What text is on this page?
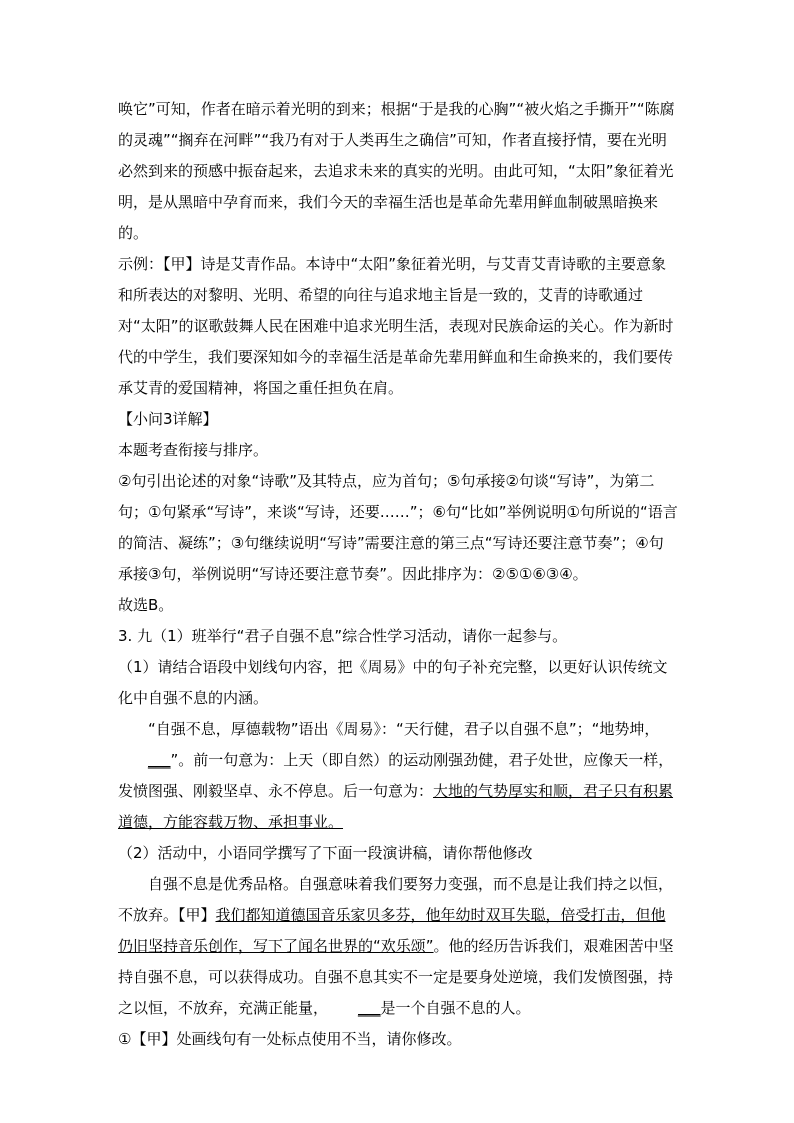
唤它”可知，作者在暗示着光明的到来；根据“于是我的心胸”“被火焰之手撕开”“陈腐的灵魂”“搁弃在河畔”“我乃有对于人类再生之确信”可知，作者直接抒情，要在光明必然到来的预感中振奋起来，去追求未来的真实的光明。由此可知，“太阳”象征着光明，是从黑暗中孕育而来，我们今天的幸福生活也是革命先辈用鲜血制破黑暗换来的。

示例：【甲】诗是艾青作品。本诗中“太阳”象征着光明，与艾青艾青诗歌的主要意象和所表达的对黎明、光明、希望的向往与追求地主旨是一致的，艾青的诗歌通过对“太阳”的讴歌鼓舞人民在困难中追求光明生活，表现对民族命运的关心。作为新时代的中学生，我们要深知如今的幸福生活是革命先辈用鲜血和生命换来的，我们要传承艾青的爱国精神，将国之重任担负在肩。

【小问3详解】

本题考查衔接与排序。

②句引出论述的对象“诗歌”及其特点，应为首句；⑤句承接②句谈“写诗”，为第二句；①句紧承“写诗”，来谈“写诗，还要……”；⑥句“比如”举例说明①句所说的“语言的简洁、凝练”；③句继续说明“写诗”需要注意的第三点“写诗还要注意节奏”；④句承接③句，举例说明“写诗还要注意节奏”。因此排序为：②⑤①⑥③④。

故选B。

3. 九（1）班举行“君子自强不息”综合性学习活动，请你一起参与。

（1）请结合语段中划线句内容，把《周易》中的句子补充完整，以更好认识传统文化中自强不息的内涵。

“自强不息，厚德载物”语出《周易》：“天行健，君子以自强不息”；“地势坤，___”。前一句意为：上天（即自然）的运动刚强劲健，君子处世，应像天一样，发愤图强、刚毅坚卓、永不停息。后一句意为：大地的气势厚实和顺，君子只有积累道德，方能容载万物、承担事业。

（2）活动中，小语同学撰写了下面一段演讲稿，请你帮他修改

自强不息是优秀品格。自强意味着我们要努力变强，而不息是让我们持之以恒，不放弃。【甲】我们都知道德国音乐家贝多芬，他年幼时双耳失聪，倍受打击，但他仍旧坚持音乐创作，写下了闻名世界的“欢乐颂”。他的经历告诉我们，艰难困苦中坚持自强不息，可以获得成功。自强不息其实不一定是要身处逆境，我们发愤图强，持之以恒，不放弃，充满正能量， ___是一个自强不息的人。

①【甲】处画线句有一处标点使用不当，请你修改。
